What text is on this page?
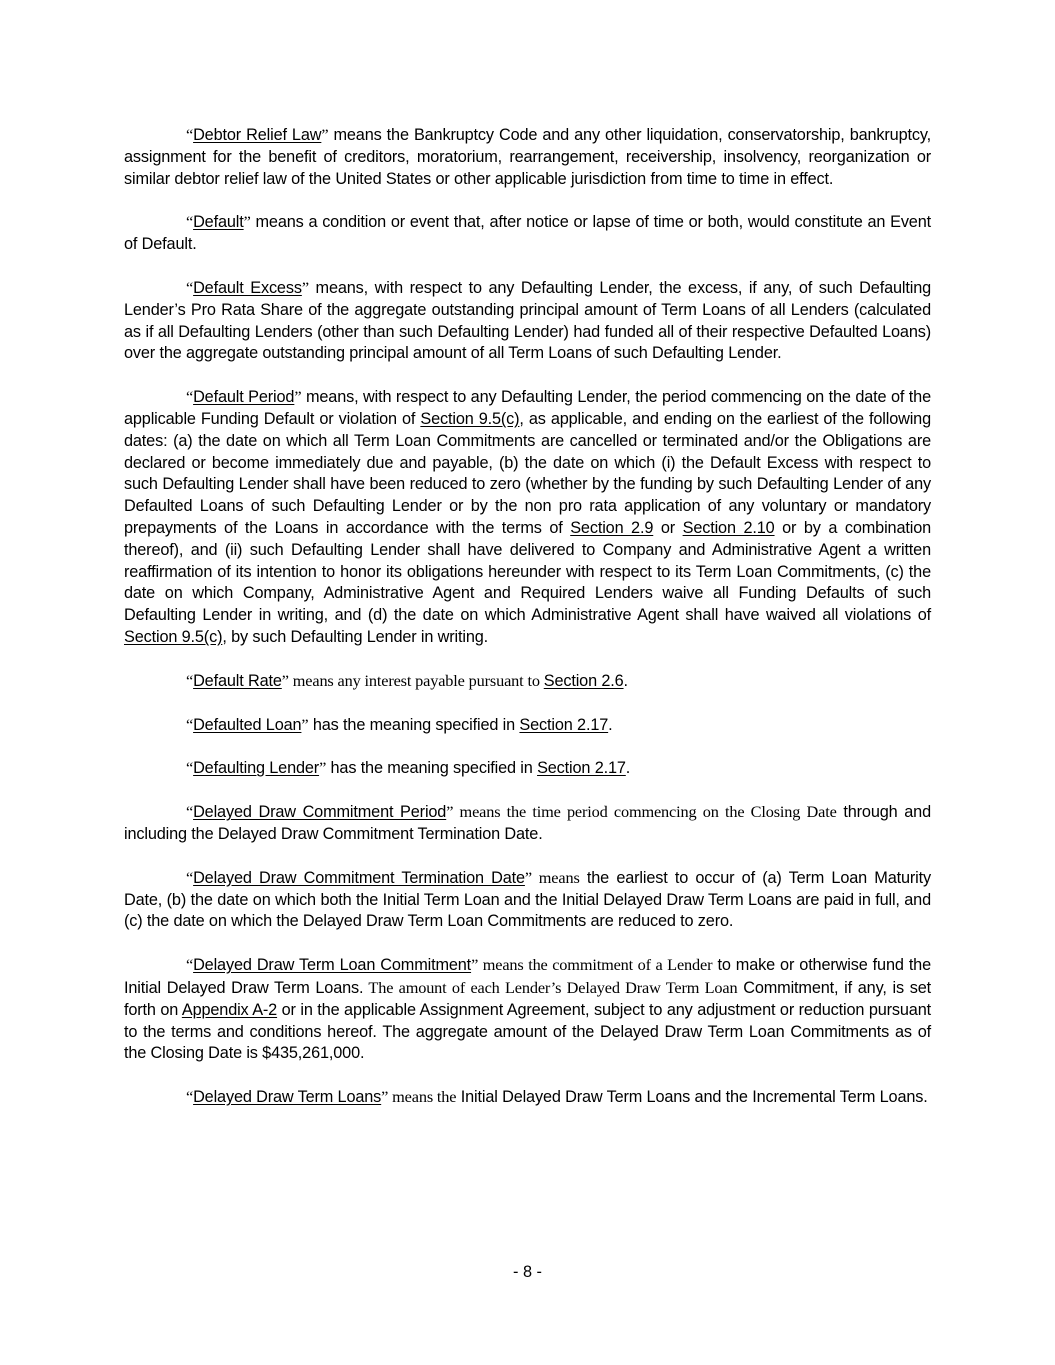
“Debtor Relief Law” means the Bankruptcy Code and any other liquidation, conservatorship, bankruptcy, assignment for the benefit of creditors, moratorium, rearrangement, receivership, insolvency, reorganization or similar debtor relief law of the United States or other applicable jurisdiction from time to time in effect.

“Default” means a condition or event that, after notice or lapse of time or both, would constitute an Event of Default.

“Default Excess” means, with respect to any Defaulting Lender, the excess, if any, of such Defaulting Lender’s Pro Rata Share of the aggregate outstanding principal amount of Term Loans of all Lenders (calculated as if all Defaulting Lenders (other than such Defaulting Lender) had funded all of their respective Defaulted Loans) over the aggregate outstanding principal amount of all Term Loans of such Defaulting Lender.

“Default Period” means, with respect to any Defaulting Lender, the period commencing on the date of the applicable Funding Default or violation of Section 9.5(c), as applicable, and ending on the earliest of the following dates: (a) the date on which all Term Loan Commitments are cancelled or terminated and/or the Obligations are declared or become immediately due and payable, (b) the date on which (i) the Default Excess with respect to such Defaulting Lender shall have been reduced to zero (whether by the funding by such Defaulting Lender of any Defaulted Loans of such Defaulting Lender or by the non pro rata application of any voluntary or mandatory prepayments of the Loans in accordance with the terms of Section 2.9 or Section 2.10 or by a combination thereof), and (ii) such Defaulting Lender shall have delivered to Company and Administrative Agent a written reaffirmation of its intention to honor its obligations hereunder with respect to its Term Loan Commitments, (c) the date on which Company, Administrative Agent and Required Lenders waive all Funding Defaults of such Defaulting Lender in writing, and (d) the date on which Administrative Agent shall have waived all violations of Section 9.5(c), by such Defaulting Lender in writing.

“Default Rate” means any interest payable pursuant to Section 2.6.

“Defaulted Loan” has the meaning specified in Section 2.17.

“Defaulting Lender” has the meaning specified in Section 2.17.

“Delayed Draw Commitment Period” means the time period commencing on the Closing Date through and including the Delayed Draw Commitment Termination Date.

“Delayed Draw Commitment Termination Date” means the earliest to occur of (a) Term Loan Maturity Date, (b) the date on which both the Initial Term Loan and the Initial Delayed Draw Term Loans are paid in full, and (c) the date on which the Delayed Draw Term Loan Commitments are reduced to zero.

“Delayed Draw Term Loan Commitment” means the commitment of a Lender to make or otherwise fund the Initial Delayed Draw Term Loans. The amount of each Lender’s Delayed Draw Term Loan Commitment, if any, is set forth on Appendix A-2 or in the applicable Assignment Agreement, subject to any adjustment or reduction pursuant to the terms and conditions hereof. The aggregate amount of the Delayed Draw Term Loan Commitments as of the Closing Date is $435,261,000.

“Delayed Draw Term Loans” means the Initial Delayed Draw Term Loans and the Incremental Term Loans.

- 8 -
